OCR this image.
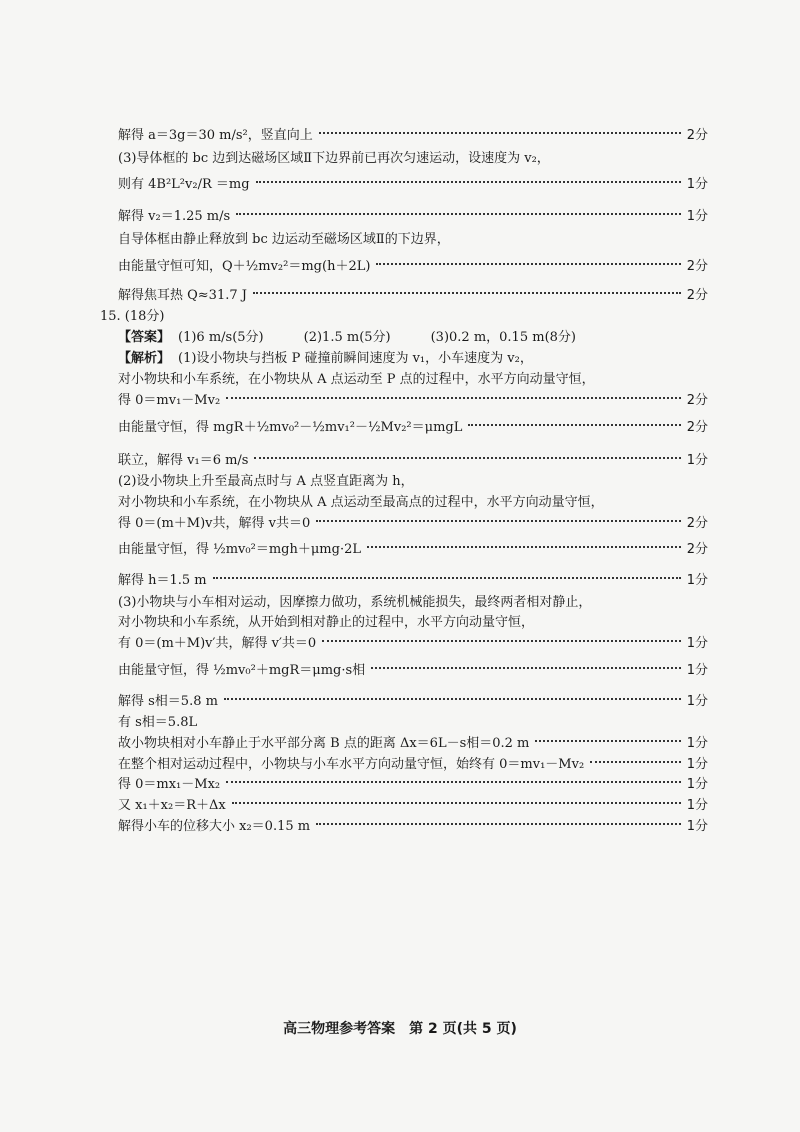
解得 a＝3g＝30 m/s²，竖直向上	2分
(3)导体框的 bc 边到达磁场区域Ⅱ下边界前已再次匀速运动，设速度为 v₂，
则有 4B²L²v₂/R ＝mg	1分
解得 v₂＝1.25 m/s	1分
自导体框由静止释放到 bc 边运动至磁场区域Ⅱ的下边界，
由能量守恒可知，Q＋½mv₂²＝mg(h＋2L)	2分
解得焦耳热 Q≈31.7 J	2分
15. (18分)
【答案】 (1)6 m/s(5分)	(2)1.5 m(5分)	(3)0.2 m，0.15 m(8分)
【解析】 (1)设小物块与挡板 P 碰撞前瞬间速度为 v₁，小车速度为 v₂，
对小物块和小车系统，在小物块从 A 点运动至 P 点的过程中，水平方向动量守恒，
得 0＝mv₁－Mv₂	2分
由能量守恒，得 mgR＋½mv₀²－½mv₁²－½Mv₂²＝μmgL	2分
联立，解得 v₁＝6 m/s	1分
(2)设小物块上升至最高点时与 A 点竖直距离为 h，
对小物块和小车系统，在小物块从 A 点运动至最高点的过程中，水平方向动量守恒，
得 0＝(m＋M)v共，解得 v共＝0	2分
由能量守恒，得 ½mv₀²＝mgh＋μmg·2L	2分
解得 h＝1.5 m	1分
(3)小物块与小车相对运动，因摩擦力做功，系统机械能损失，最终两者相对静止，
对小物块和小车系统，从开始到相对静止的过程中，水平方向动量守恒，
有 0＝(m＋M)v′共，解得 v′共＝0	1分
由能量守恒，得 ½mv₀²＋mgR＝μmg·s相	1分
解得 s相＝5.8 m	1分
有 s相＝5.8L
故小物块相对小车静止于水平部分离 B 点的距离 Δx＝6L－s相＝0.2 m	1分
在整个相对运动过程中，小物块与小车水平方向动量守恒，始终有 0＝mv₁－Mv₂	1分
得 0＝mx₁－Mx₂	1分
又 x₁＋x₂＝R＋Δx	1分
解得小车的位移大小 x₂＝0.15 m	1分
高三物理参考答案　第 2 页(共 5 页)
